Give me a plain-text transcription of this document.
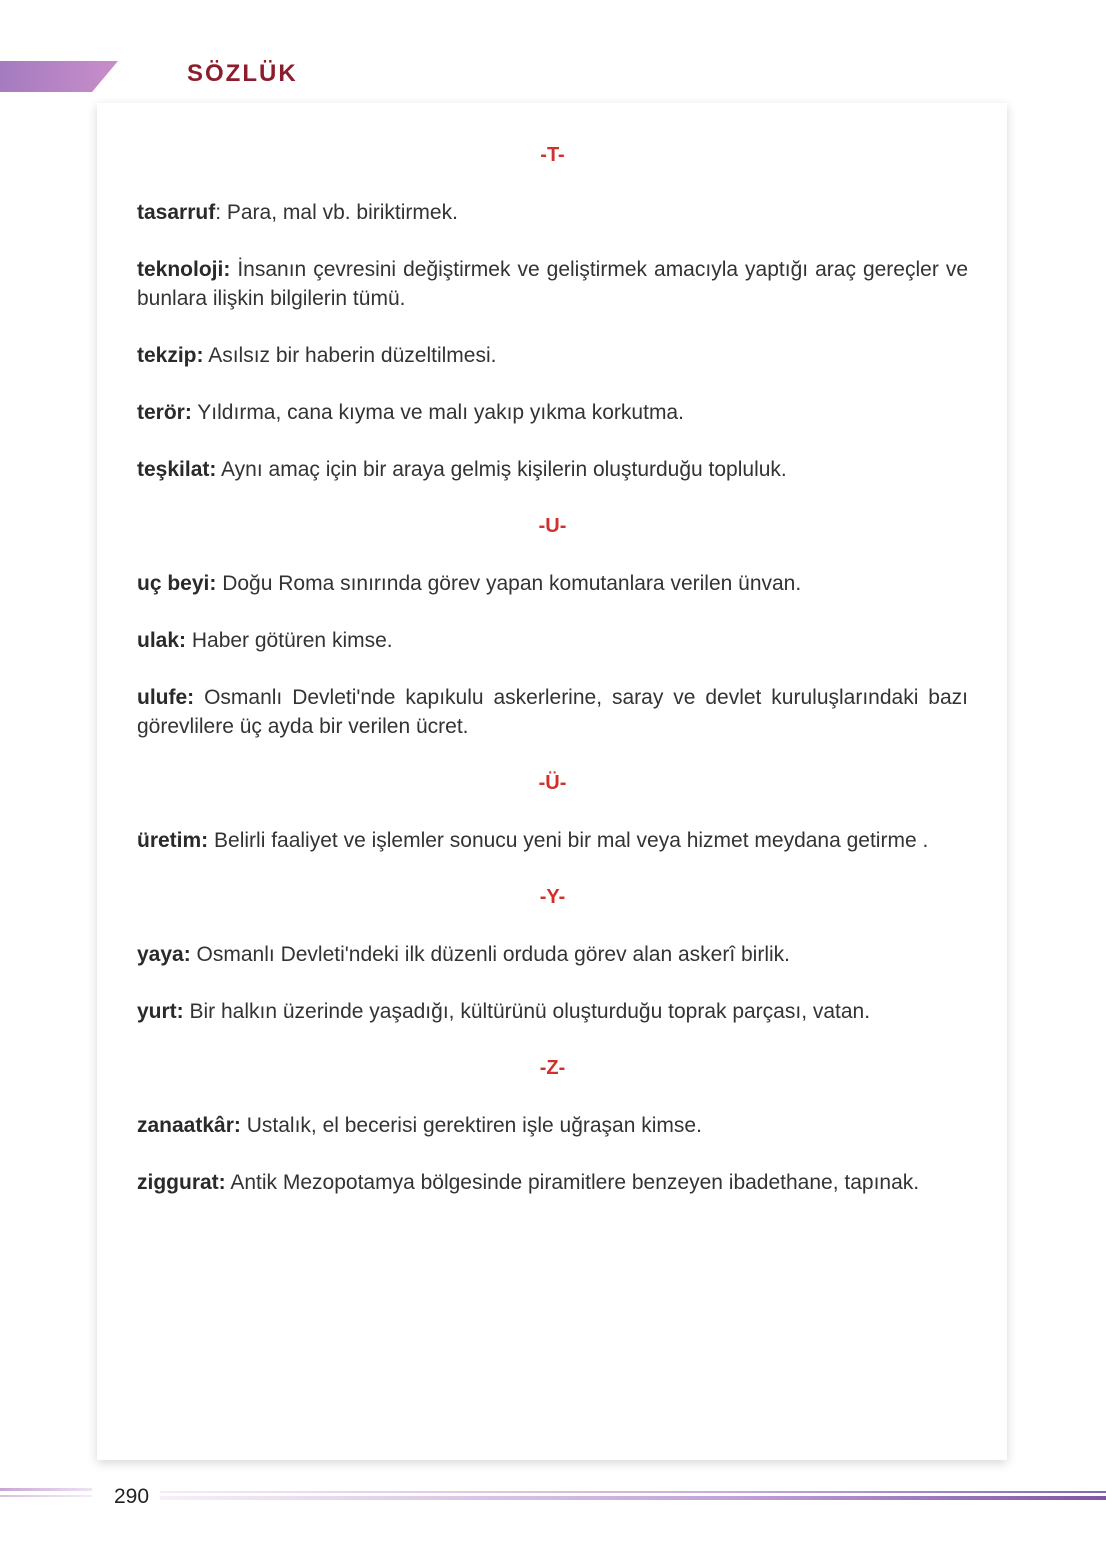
SÖZLÜK
-T-
tasarruf: Para, mal vb. biriktirmek.
teknoloji: İnsanın çevresini değiştirmek ve geliştirmek amacıyla yaptığı araç gereçler ve bunlara ilişkin bilgilerin tümü.
tekzip: Asılsız bir haberin düzeltilmesi.
terör: Yıldırma, cana kıyma ve malı yakıp yıkma korkutma.
teşkilat: Aynı amaç için bir araya gelmiş kişilerin oluşturduğu topluluk.
-U-
uç beyi: Doğu Roma sınırında görev yapan komutanlara verilen ünvan.
ulak: Haber götüren kimse.
ulufe: Osmanlı Devleti'nde kapıkulu askerlerine, saray ve devlet kuruluşlarındaki bazı görevlilere üç ayda bir verilen ücret.
-Ü-
üretim: Belirli faaliyet ve işlemler sonucu yeni bir mal veya hizmet meydana getirme .
-Y-
yaya: Osmanlı Devleti'ndeki ilk düzenli orduda görev alan askerî birlik.
yurt: Bir halkın üzerinde yaşadığı, kültürünü oluşturduğu toprak parçası, vatan.
-Z-
zanaatkâr: Ustalık, el becerisi gerektiren işle uğraşan kimse.
ziggurat: Antik Mezopotamya bölgesinde piramitlere benzeyen ibadethane, tapınak.
290
